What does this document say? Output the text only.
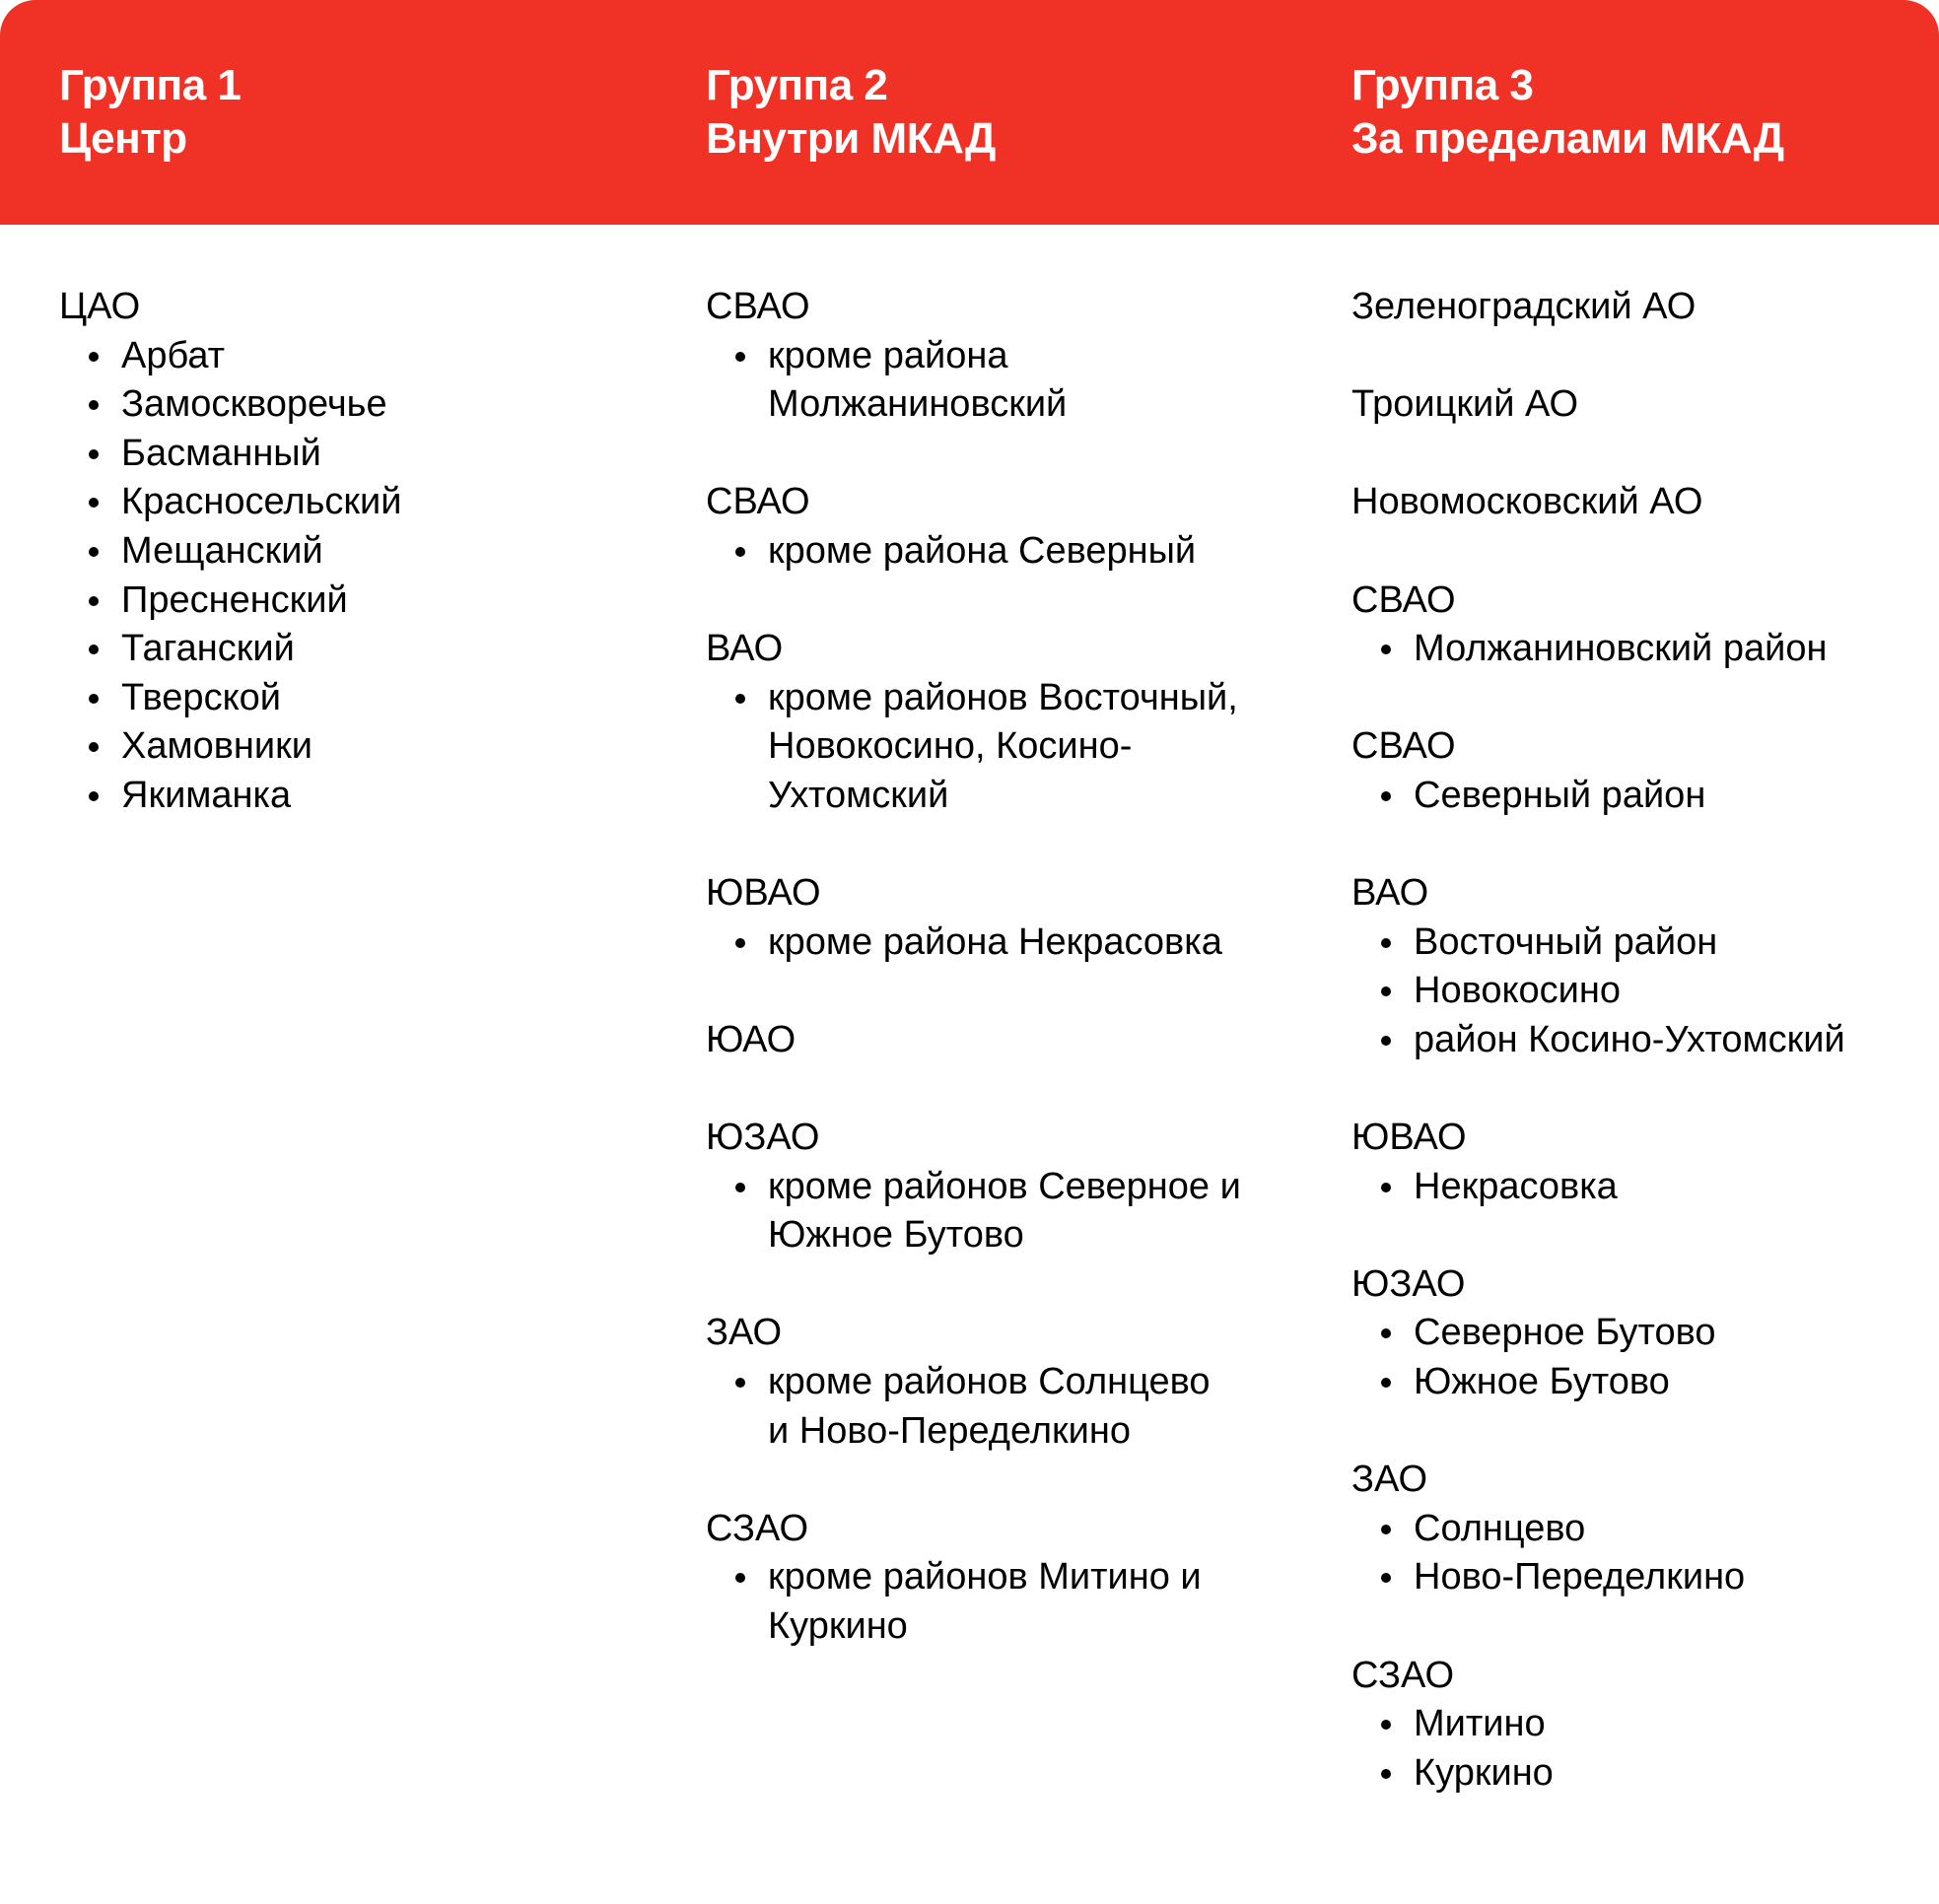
Группа 1
Центр
Группа 2
Внутри МКАД
Группа 3
За пределами МКАД
ЦАО
Арбат
Замоскворечье
Басманный
Красносельский
Мещанский
Пресненский
Таганский
Тверской
Хамовники
Якиманка
СВАО
кроме района Молжаниновский
СВАО
кроме района Северный
ВАО
кроме районов Восточный, Новокосино, Косино-Ухтомский
ЮВАО
кроме района Некрасовка
ЮАО
ЮЗАО
кроме районов Северное и Южное Бутово
ЗАО
кроме районов Солнцево и Ново-Переделкино
СЗАО
кроме районов Митино и Куркино
Зеленоградский АО
Троицкий АО
Новомосковский АО
СВАО
Молжаниновский район
СВАО
Северный район
ВАО
Восточный район
Новокосино
район Косино-Ухтомский
ЮВАО
Некрасовка
ЮЗАО
Северное Бутово
Южное Бутово
ЗАО
Солнцево
Ново-Переделкино
СЗАО
Митино
Куркино
